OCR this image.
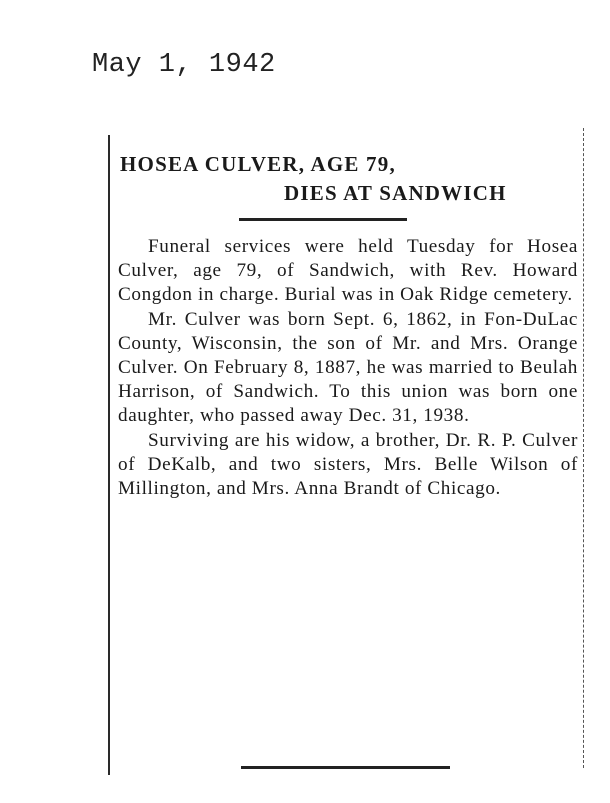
May 1, 1942
HOSEA CULVER, AGE 79,
DIES AT SANDWICH

Funeral services were held Tuesday for Hosea Culver, age 79, of Sandwich, with Rev. Howard Congdon in charge. Burial was in Oak Ridge cemetery.

Mr. Culver was born Sept. 6, 1862, in Fon-DuLac County, Wisconsin, the son of Mr. and Mrs. Orange Culver. On February 8, 1887, he was married to Beulah Harrison, of Sandwich. To this union was born one daughter, who passed away Dec. 31, 1938.

Surviving are his widow, a brother, Dr. R. P. Culver of DeKalb, and two sisters, Mrs. Belle Wilson of Millington, and Mrs. Anna Brandt of Chicago.
